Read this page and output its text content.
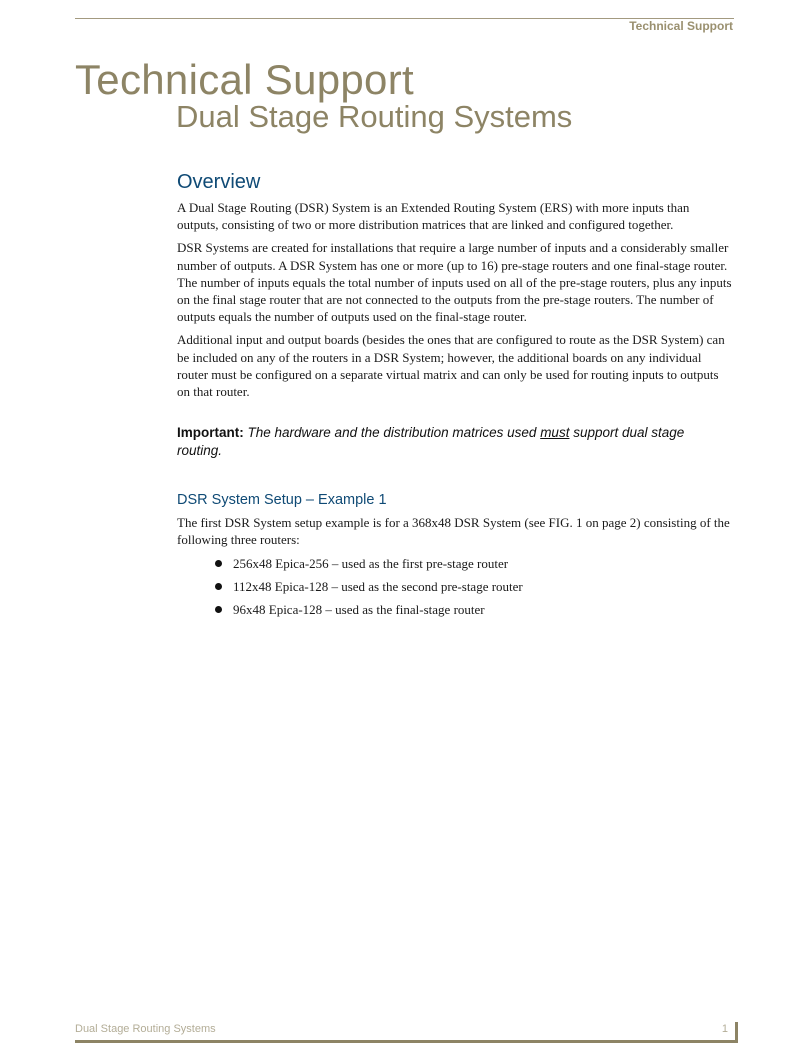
Technical Support
Technical Support
Dual Stage Routing Systems
Overview

A Dual Stage Routing (DSR) System is an Extended Routing System (ERS) with more inputs than outputs, consisting of two or more distribution matrices that are linked and configured together.

DSR Systems are created for installations that require a large number of inputs and a considerably smaller number of outputs. A DSR System has one or more (up to 16) pre-stage routers and one final-stage router. The number of inputs equals the total number of inputs used on all of the pre-stage routers, plus any inputs on the final stage router that are not connected to the outputs from the pre-stage routers. The number of outputs equals the number of outputs used on the final-stage router.

Additional input and output boards (besides the ones that are configured to route as the DSR System) can be included on any of the routers in a DSR System; however, the additional boards on any individual router must be configured on a separate virtual matrix and can only be used for routing inputs to outputs on that router.

Important: The hardware and the distribution matrices used must support dual stage routing.

DSR System Setup – Example 1

The first DSR System setup example is for a 368x48 DSR System (see FIG. 1 on page 2) consisting of the following three routers:

256x48 Epica-256 – used as the first pre-stage router
112x48 Epica-128 – used as the second pre-stage router
96x48 Epica-128 – used as the final-stage router
Dual Stage Routing Systems	1
